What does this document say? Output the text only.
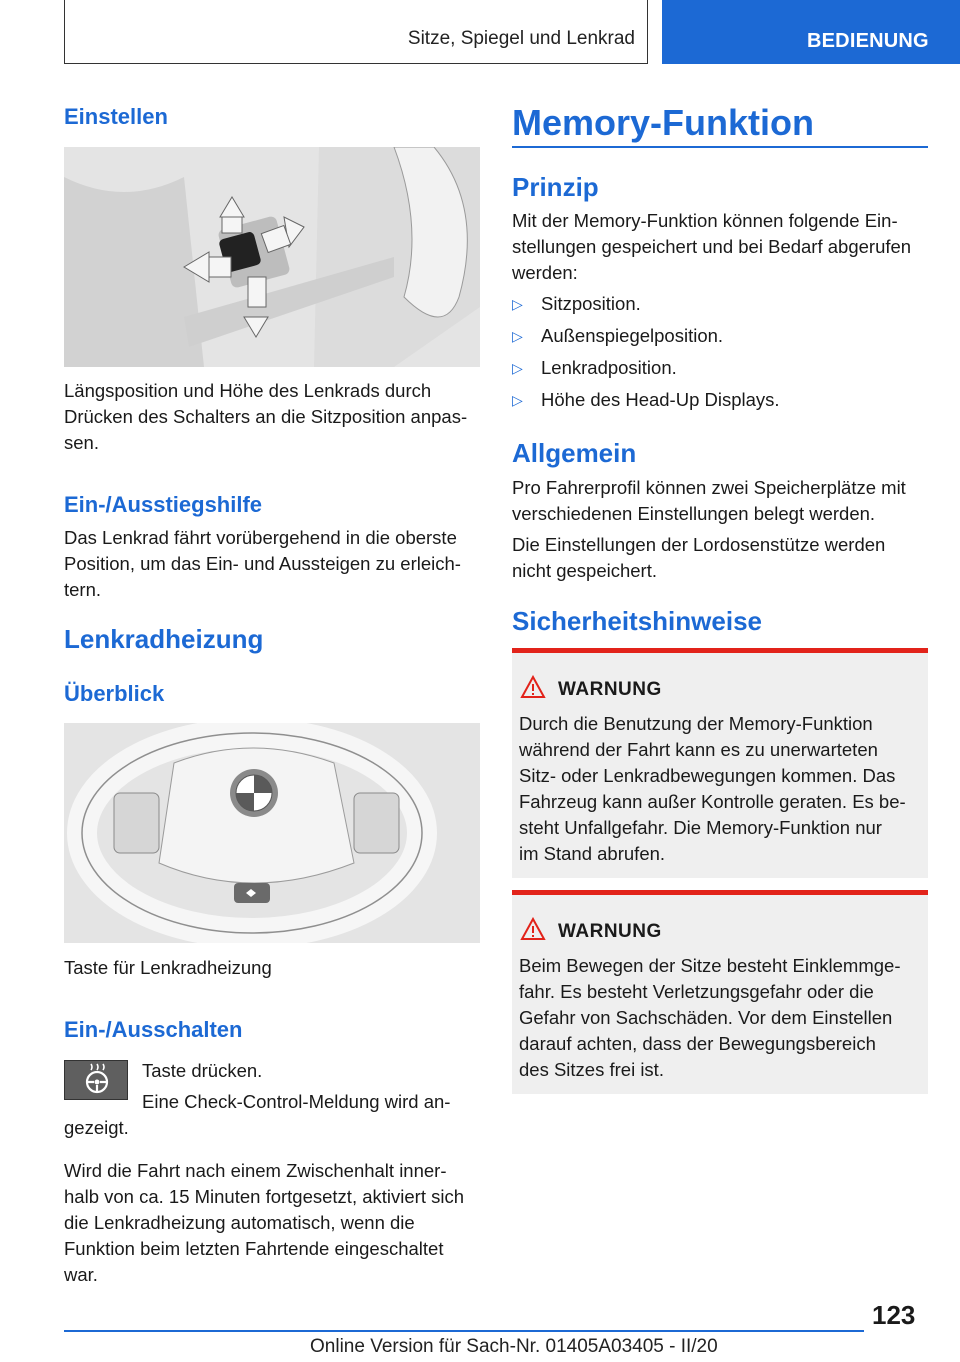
Sitze, Spiegel und Lenkrad	BEDIENUNG
Einstellen
Längsposition und Höhe des Lenkrads durch
Drücken des Schalters an die Sitzposition anpas-
sen.
Ein-/Ausstiegshilfe
Das Lenkrad fährt vorübergehend in die oberste
Position, um das Ein- und Aussteigen zu erleich-
tern.
Lenkradheizung
Überblick
Taste für Lenkradheizung
Ein-/Ausschalten
Taste drücken.
Eine Check-Control-Meldung wird an-
gezeigt.
Wird die Fahrt nach einem Zwischenhalt inner-
halb von ca. 15 Minuten fortgesetzt, aktiviert sich
die Lenkradheizung automatisch, wenn die
Funktion beim letzten Fahrtende eingeschaltet
war.
Memory-Funktion
Prinzip
Mit der Memory-Funktion können folgende Ein-
stellungen gespeichert und bei Bedarf abgerufen
werden:
▷ Sitzposition.
▷ Außenspiegelposition.
▷ Lenkradposition.
▷ Höhe des Head-Up Displays.
Allgemein
Pro Fahrerprofil können zwei Speicherplätze mit
verschiedenen Einstellungen belegt werden.
Die Einstellungen der Lordosenstütze werden
nicht gespeichert.
Sicherheitshinweise
WARNUNG
Durch die Benutzung der Memory-Funktion
während der Fahrt kann es zu unerwarteten
Sitz- oder Lenkradbewegungen kommen. Das
Fahrzeug kann außer Kontrolle geraten. Es be-
steht Unfallgefahr. Die Memory-Funktion nur
im Stand abrufen.
WARNUNG
Beim Bewegen der Sitze besteht Einklemmge-
fahr. Es besteht Verletzungsgefahr oder die
Gefahr von Sachschäden. Vor dem Einstellen
darauf achten, dass der Bewegungsbereich
des Sitzes frei ist.
123
Online Version für Sach-Nr. 01405A03405 - II/20
